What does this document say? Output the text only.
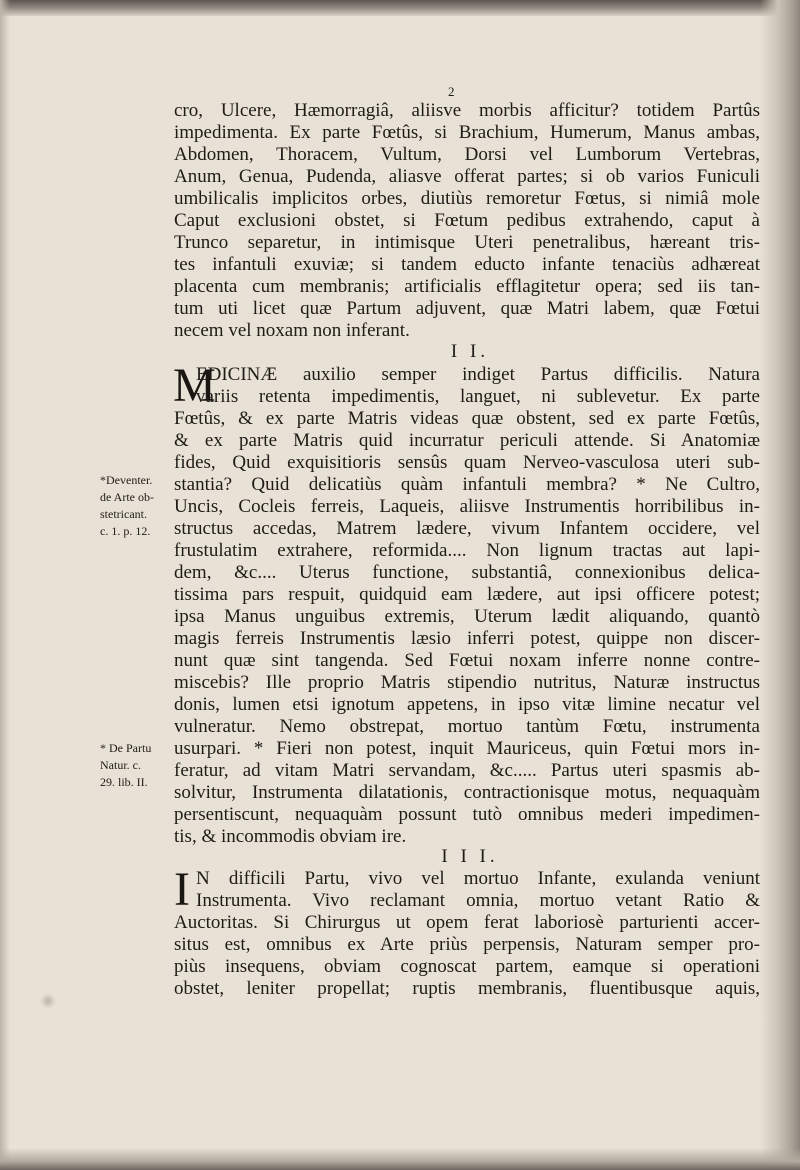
2
cro, Ulcere, Hæmorragiâ, aliisve morbis afficitur? totidem Partûs
impedimenta. Ex parte Fœtûs, si Brachium, Humerum, Manus ambas,
Abdomen, Thoracem, Vultum, Dorsi vel Lumborum Vertebras,
Anum, Genua, Pudenda, aliasve offerat partes; si ob varios Funiculi
umbilicalis implicitos orbes, diutiùs remoretur Fœtus, si nimiâ mole
Caput exclusioni obstet, si Fœtum pedibus extrahendo, caput à
Trunco separetur, in intimisque Uteri penetralibus, hæreant tris-
tes infantuli exuviæ; si tandem educto infante tenaciùs adhæreat
placenta cum membranis; artificialis efflagitetur opera; sed iis tan-
tum uti licet quæ Partum adjuvent, quæ Matri labem, quæ Fœtui
necem vel noxam non inferant.
I I.
M
EDICINÆ auxilio semper indiget Partus difficilis. Natura
variis retenta impedimentis, languet, ni sublevetur. Ex parte
Fœtûs, & ex parte Matris videas quæ obstent, sed ex parte Fœtûs,
& ex parte Matris quid incurratur periculi attende. Si Anatomiæ
fides, Quid exquisitioris sensûs quam Nerveo-vasculosa uteri sub-
stantia? Quid delicatiùs quàm infantuli membra? * Ne Cultro,
Uncis, Cocleis ferreis, Laqueis, aliisve Instrumentis horribilibus in-
structus accedas, Matrem lædere, vivum Infantem occidere, vel
frustulatim extrahere, reformida.... Non lignum tractas aut lapi-
dem, &c.... Uterus functione, substantiâ, connexionibus delica-
tissima pars respuit, quidquid eam lædere, aut ipsi officere potest;
ipsa Manus unguibus extremis, Uterum lædit aliquando, quantò
magis ferreis Instrumentis læsio inferri potest, quippe non discer-
nunt quæ sint tangenda. Sed Fœtui noxam inferre nonne contre-
miscebis? Ille proprio Matris stipendio nutritus, Naturæ instructus
donis, lumen etsi ignotum appetens, in ipso vitæ limine necatur vel
vulneratur. Nemo obstrepat, mortuo tantùm Fœtu, instrumenta
usurpari. * Fieri non potest, inquit Mauriceus, quin Fœtui mors in-
feratur, ad vitam Matri servandam, &c..... Partus uteri spasmis ab-
solvitur, Instrumenta dilatationis, contractionisque motus, nequaquàm
persentiscunt, nequaquàm possunt tutò omnibus mederi impedimen-
tis, & incommodis obviam ire.
I I I.
I N difficili Partu, vivo vel mortuo Infante, exulanda veniunt
Instrumenta. Vivo reclamant omnia, mortuo vetant Ratio &
Auctoritas. Si Chirurgus ut opem ferat laboriosè parturienti accer-
situs est, omnibus ex Arte priùs perpensis, Naturam semper pro-
piùs insequens, obviam cognoscat partem, eamque si operationi
obstet, leniter propellat; ruptis membranis, fluentibusque aquis,
*Deventer.
de Arte ob-
stetricant.
c. 1. p. 12.
* De Partu
Natur. c.
29. lib. II.
